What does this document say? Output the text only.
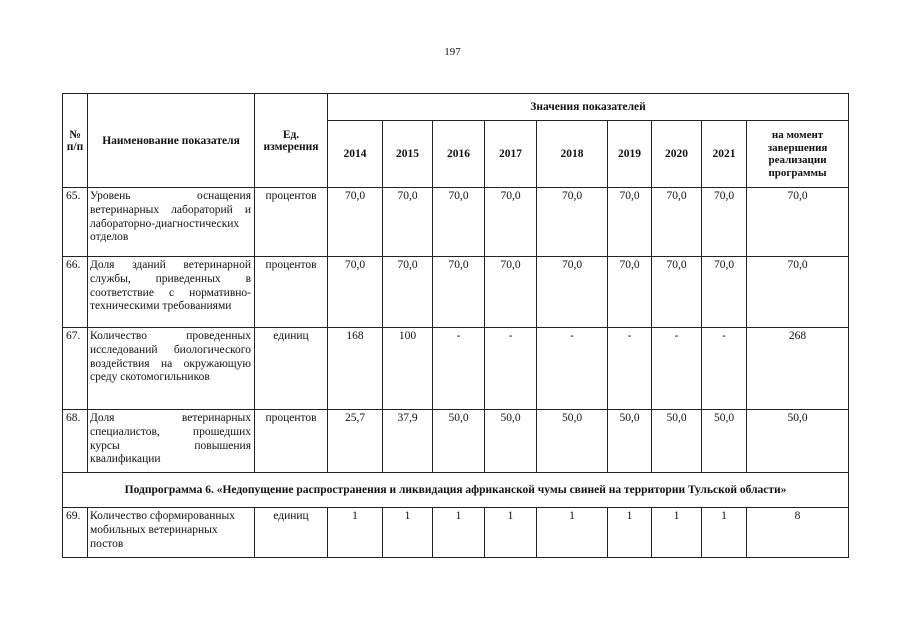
197
№ п/п	Наименование показателя	Ед. измерения	Значения показателей								
			2014	2015	2016	2017	2018	2019	2020	2021	на момент завершения реализации программы
65.	Уровень оснащения ветеринарных лабораторий и лабораторно-диагностических отделов	процентов	70,0	70,0	70,0	70,0	70,0	70,0	70,0	70,0	70,0
66.	Доля зданий ветеринарной службы, приведенных в соответствие с нормативно-техническими требованиями	процентов	70,0	70,0	70,0	70,0	70,0	70,0	70,0	70,0	70,0
67.	Количество проведенных исследований биологического воздействия на окружающую среду скотомогильников	единиц	168	100	-	-	-	-	-	-	268
68.	Доля ветеринарных специалистов, прошедших курсы повышения квалификации	процентов	25,7	37,9	50,0	50,0	50,0	50,0	50,0	50,0	50,0
Подпрограмма 6. «Недопущение распространения и ликвидация африканской чумы свиней на территории Тульской области»											
69.	Количество сформированных мобильных ветеринарных постов	единиц	1	1	1	1	1	1	1	1	8
